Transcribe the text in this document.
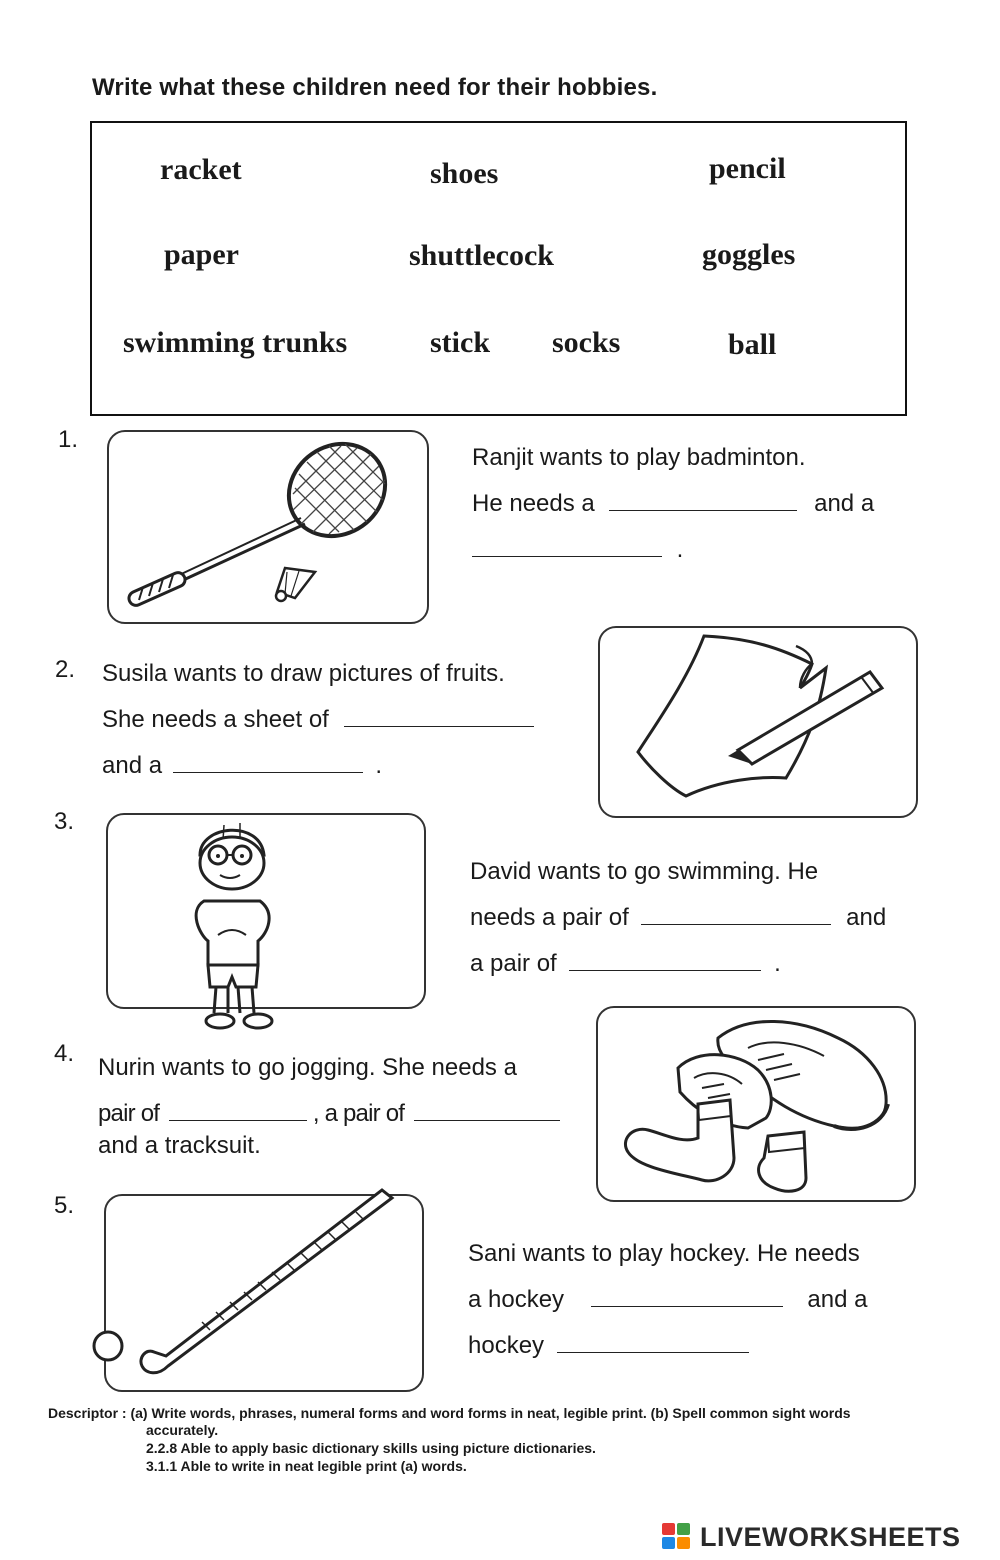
Write what these children need for their hobbies.
racket	shoes	pencil
paper	shuttlecock	goggles
swimming trunks	stick socks	ball
1.
Ranjit wants to play badminton.
He needs a	and a
.
2. Susila wants to draw pictures of fruits.
She needs a sheet of
and a	.
3.
David wants to go swimming. He
needs a pair of	and
a pair of	.
4.
Nurin wants to go jogging. She needs a
pair of	, a pair of
and a tracksuit.
5.
Sani wants to play hockey. He needs
a hockey	and a
hockey
Descriptor : (a) Write words, phrases, numeral forms and word forms in neat, legible print. (b) Spell common sight words
accurately.
2.2.8 Able to apply basic dictionary skills using picture dictionaries.
3.1.1 Able to write in neat legible print (a) words.
LIVEWORKSHEETS
